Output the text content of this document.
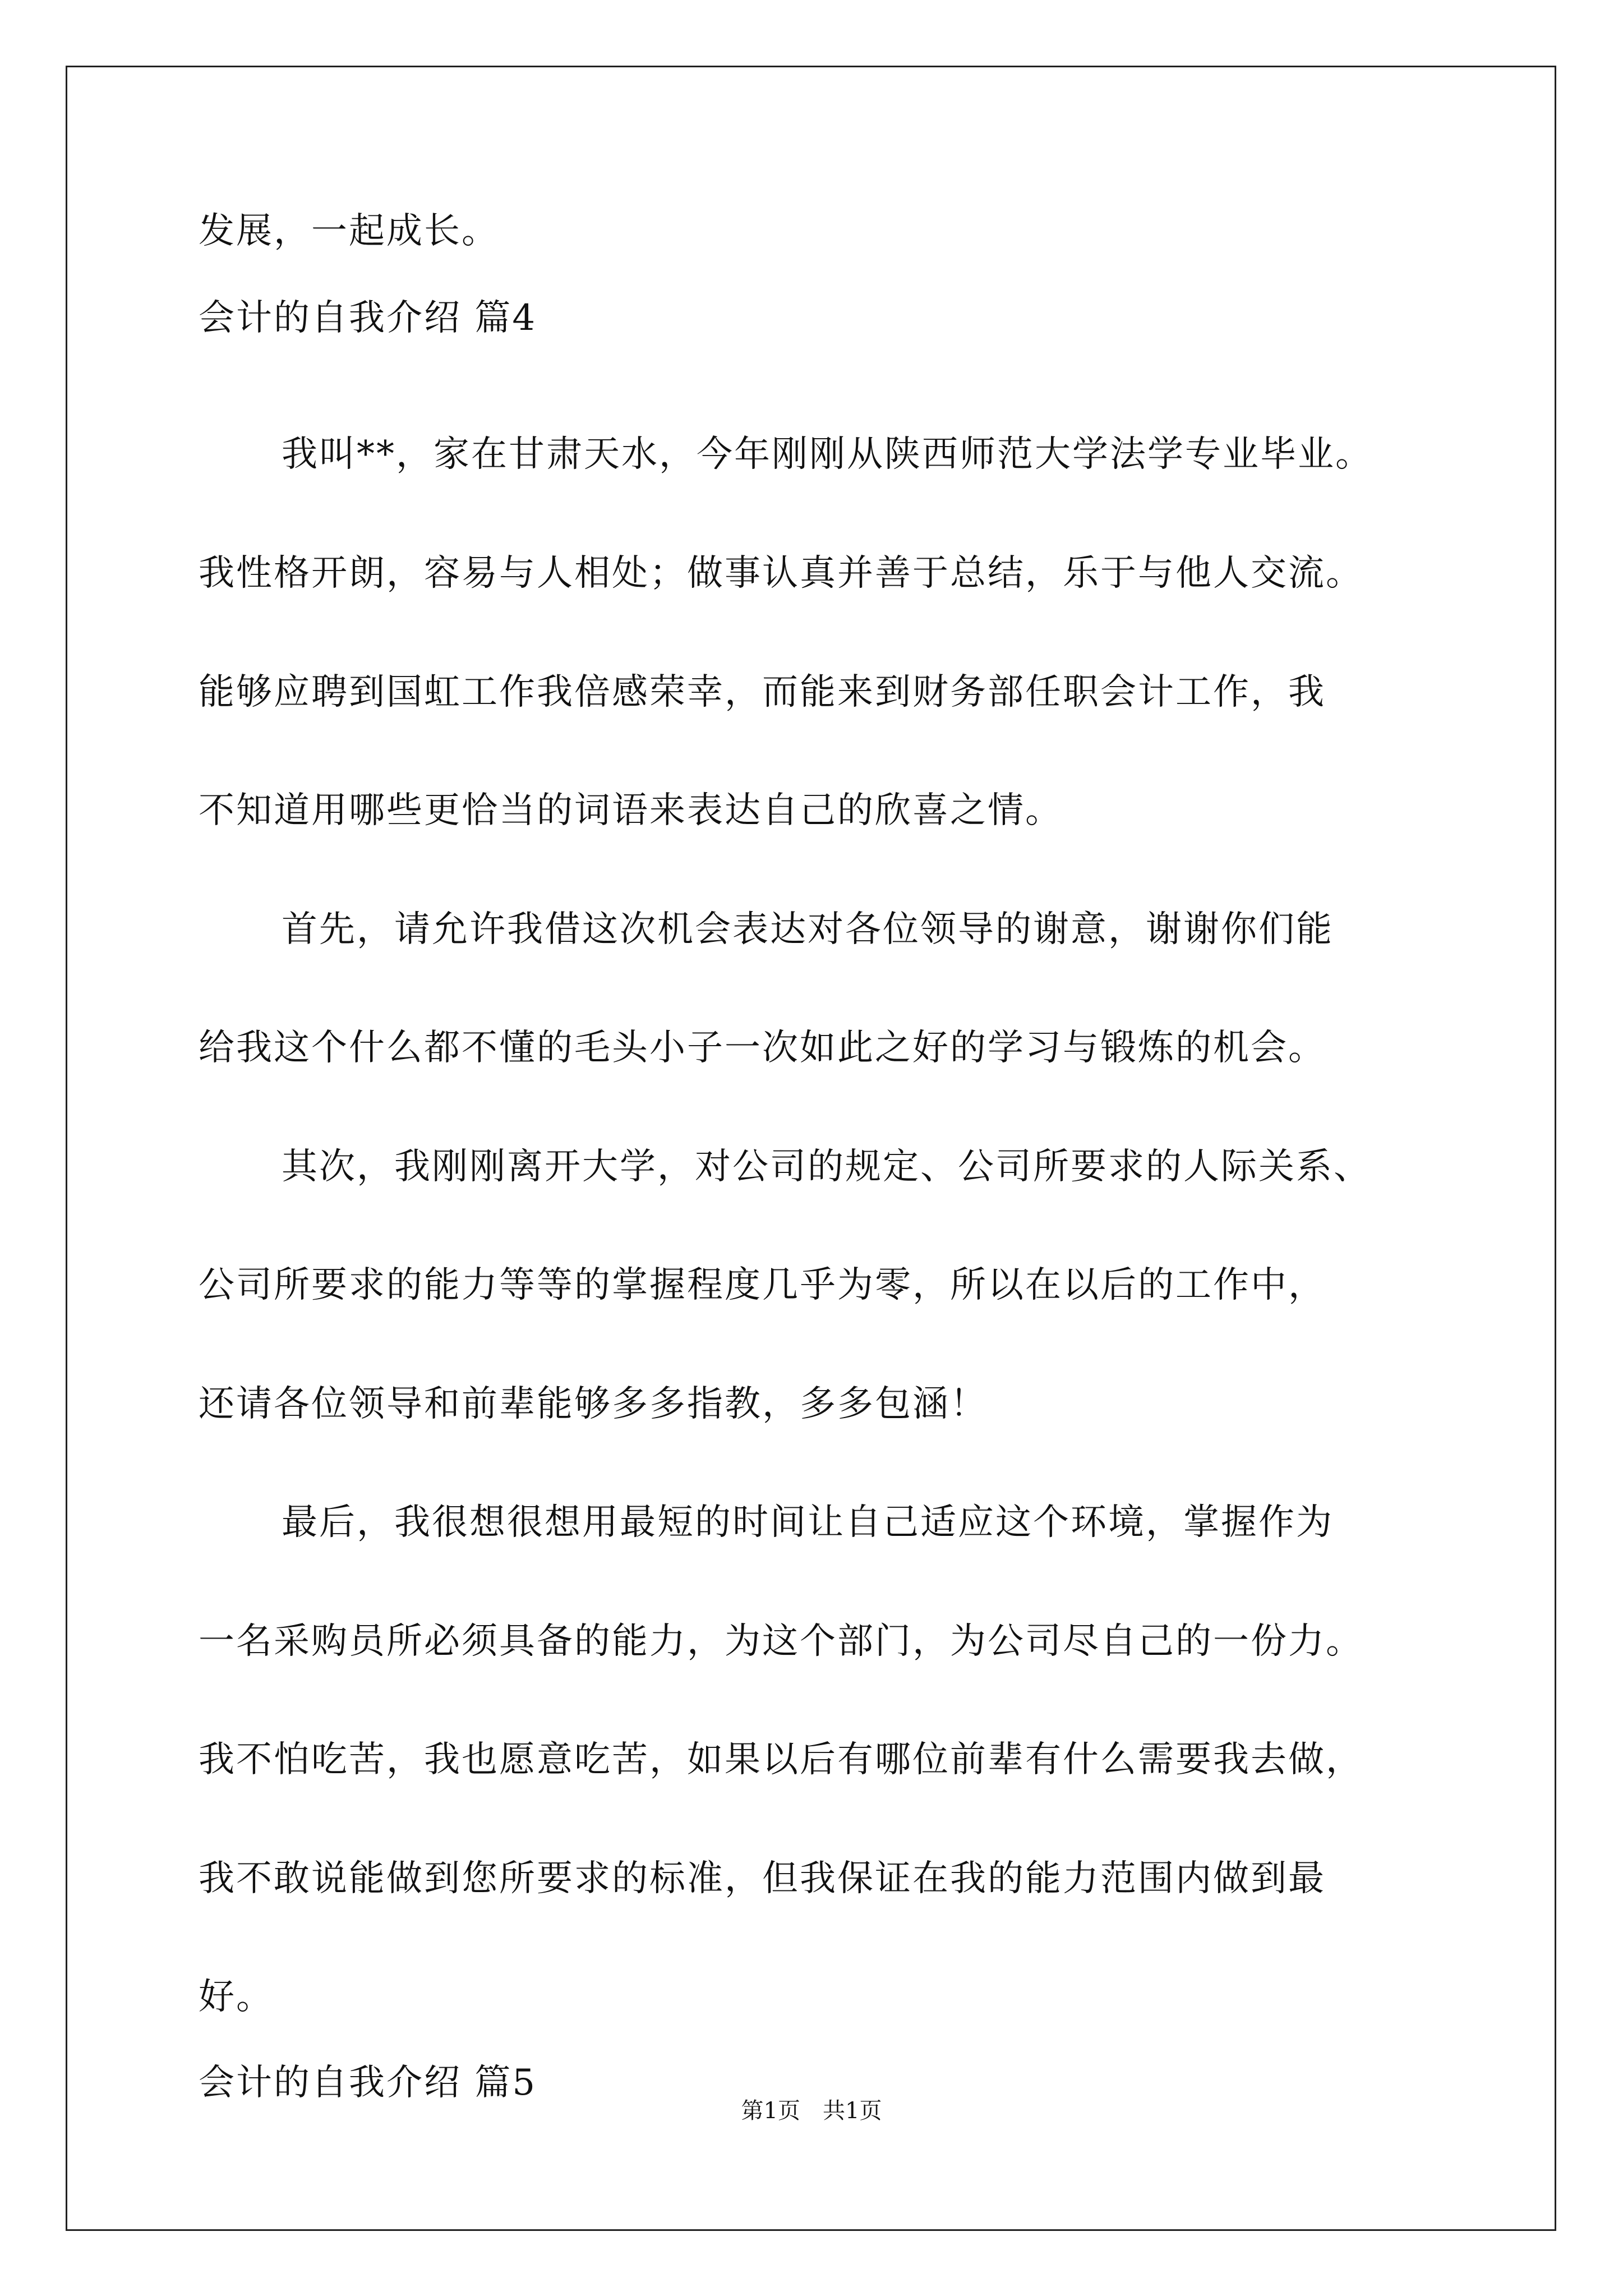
发展，一起成长。
会计的自我介绍 篇4
我叫**，家在甘肃天水，今年刚刚从陕西师范大学法学专业毕业。
我性格开朗，容易与人相处；做事认真并善于总结，乐于与他人交流。
能够应聘到国虹工作我倍感荣幸，而能来到财务部任职会计工作，我
不知道用哪些更恰当的词语来表达自己的欣喜之情。
首先，请允许我借这次机会表达对各位领导的谢意，谢谢你们能
给我这个什么都不懂的毛头小子一次如此之好的学习与锻炼的机会。
其次，我刚刚离开大学，对公司的规定、公司所要求的人际关系、
公司所要求的能力等等的掌握程度几乎为零，所以在以后的工作中，
还请各位领导和前辈能够多多指教，多多包涵！
最后，我很想很想用最短的时间让自己适应这个环境，掌握作为
一名采购员所必须具备的能力，为这个部门，为公司尽自己的一份力。
我不怕吃苦，我也愿意吃苦，如果以后有哪位前辈有什么需要我去做，
我不敢说能做到您所要求的标准，但我保证在我的能力范围内做到最
好。
会计的自我介绍 篇5
第1页　共1页
